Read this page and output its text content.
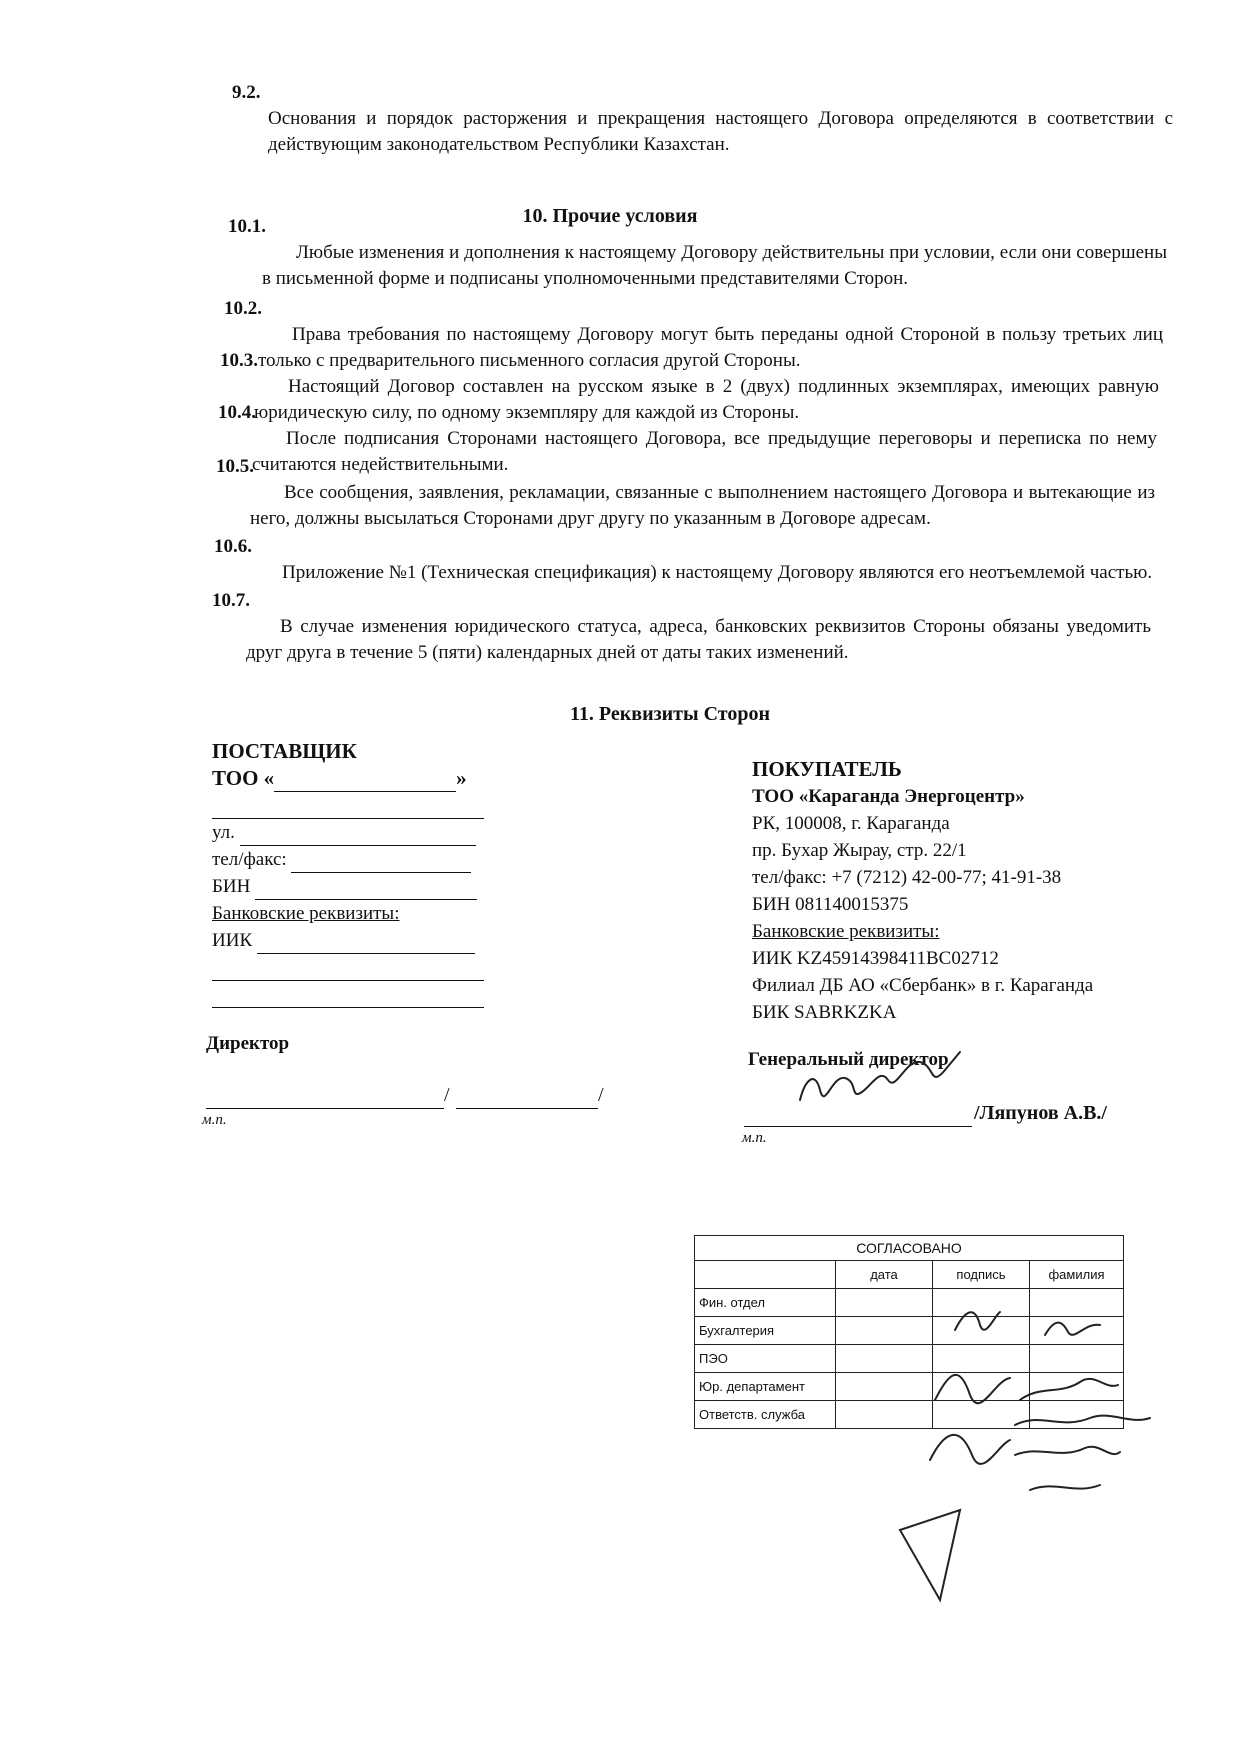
9.2.
Основания и порядок расторжения и прекращения настоящего Договора определяются в соответствии с действующим законодательством Республики Казахстан.
10. Прочие условия
10.1.
Любые изменения и дополнения к настоящему Договору действительны при условии, если они совершены в письменной форме и подписаны уполномоченными представителями Сторон.
10.2.
Права требования по настоящему Договору могут быть переданы одной Стороной в пользу третьих лиц только с предварительного письменного согласия другой Стороны.
10.3.
Настоящий Договор составлен на русском языке в 2 (двух) подлинных экземплярах, имеющих равную юридическую силу, по одному экземпляру для каждой из Стороны.
10.4.
После подписания Сторонами настоящего Договора, все предыдущие переговоры и переписка по нему считаются недействительными.
10.5.
Все сообщения, заявления, рекламации, связанные с выполнением настоящего Договора и вытекающие из него, должны высылаться Сторонами друг другу по указанным в Договоре адресам.
10.6.
Приложение №1 (Техническая спецификация) к настоящему Договору являются его неотъемлемой частью.
10.7.
В случае изменения юридического статуса, адреса, банковских реквизитов Стороны обязаны уведомить друг друга в течение 5 (пяти) календарных дней от даты таких изменений.
11. Реквизиты Сторон
ПОСТАВЩИК
ТОО «	»
ул.
тел/факс:
БИН
Банковские реквизиты:
ИИК
Директор
/	/
м.п.
ПОКУПАТЕЛЬ
ТОО «Караганда Энергоцентр»
РК, 100008, г. Караганда
пр. Бухар Жырау, стр. 22/1
тел/факс: +7 (7212) 42-00-77; 41-91-38
БИН 081140015375
Банковские реквизиты:
ИИК KZ45914398411BC02712
Филиал ДБ АО «Сбербанк» в г. Караганда
БИК SABRKZKA
Генеральный директор
/Ляпунов А.В./
м.п.
СОГЛАСОВАНО			
	дата	подпись	фамилия
Фин. отдел			
Бухгалтерия			
ПЭО			
Юр. департамент			
Ответств. служба			
